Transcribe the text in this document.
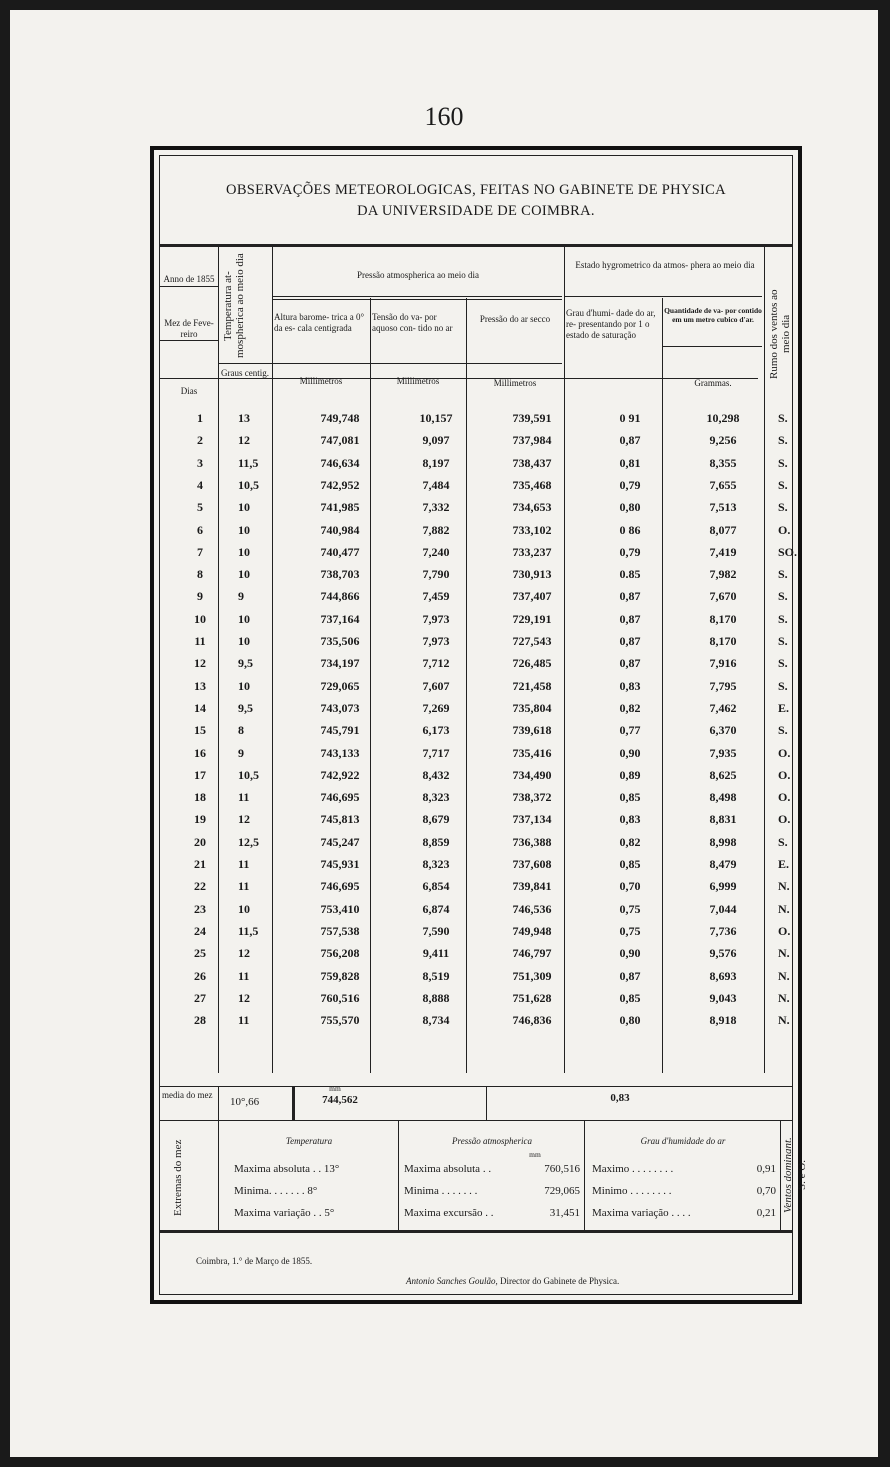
160
OBSERVAÇÕES METEOROLOGICAS, FEITAS NO GABINETE DE PHYSICA
DA UNIVERSIDADE DE COIMBRA.
Anno de 1855
Mez de Feve- reiro
Dias
Temperatura at- mospherica ao meio dia
Graus centig.
Pressão atmospherica ao meio dia
Altura barome- trica a 0° da es- cala centigrada
Tensão do va- por aquoso con- tido no ar
Pressão do ar secco
Millimetros	Millimetros	Millimetros
Estado hygrometrico da atmos- phera ao meio dia
Grau d'humi- dade do ar, re- presentando por 1 o estado de saturação
Quantidade de va- por contido em um metro cubico d'ar.
Grammas.
Rumo dos ventos ao meio dia
1	13	749,748	10,157	739,591	0 91	10,298	S.
2	12	747,081	9,097	737,984	0,87	9,256	S.
3	11,5	746,634	8,197	738,437	0,81	8,355	S.
4	10,5	742,952	7,484	735,468	0,79	7,655	S.
5	10	741,985	7,332	734,653	0,80	7,513	S.
6	10	740,984	7,882	733,102	0 86	8,077	O.
7	10	740,477	7,240	733,237	0,79	7,419	SO.
8	10	738,703	7,790	730,913	0.85	7,982	S.
9	9	744,866	7,459	737,407	0,87	7,670	S.
10	10	737,164	7,973	729,191	0,87	8,170	S.
11	10	735,506	7,973	727,543	0,87	8,170	S.
12	9,5	734,197	7,712	726,485	0,87	7,916	S.
13	10	729,065	7,607	721,458	0,83	7,795	S.
14	9,5	743,073	7,269	735,804	0,82	7,462	E.
15	8	745,791	6,173	739,618	0,77	6,370	S.
16	9	743,133	7,717	735,416	0,90	7,935	O.
17	10,5	742,922	8,432	734,490	0,89	8,625	O.
18	11	746,695	8,323	738,372	0,85	8,498	O.
19	12	745,813	8,679	737,134	0,83	8,831	O.
20	12,5	745,247	8,859	736,388	0,82	8,998	S.
21	11	745,931	8,323	737,608	0,85	8,479	E.
22	11	746,695	6,854	739,841	0,70	6,999	N.
23	10	753,410	6,874	746,536	0,75	7,044	N.
24	11,5	757,538	7,590	749,948	0,75	7,736	O.
25	12	756,208	9,411	746,797	0,90	9,576	N.
26	11	759,828	8,519	751,309	0,87	8,693	N.
27	12	760,516	8,888	751,628	0,85	9,043	N.
28	11	755,570	8,734	746,836	0,80	8,918	N.
media do mez
10°,66
mm
744,562	0,83
Extremas do mez	Temperatura
Maxima absoluta . . 13°
Minima. . . . . . . 8°
Maxima variação . . 5°
Pressão atmospherica
mm
Maxima absoluta . .	760,516
Minima . . . . . . .	729,065
Maxima excursão . .	31,451
Grau d'humidade do ar
Maximo . . . . . . . .	0,91
Minimo . . . . . . . .	0,70
Maxima variação . . . .	0,21
Ventos dominant. S. e O.
Coimbra, 1.° de Março de 1855.
Antonio Sanches Goulão, Director do Gabinete de Physica.
